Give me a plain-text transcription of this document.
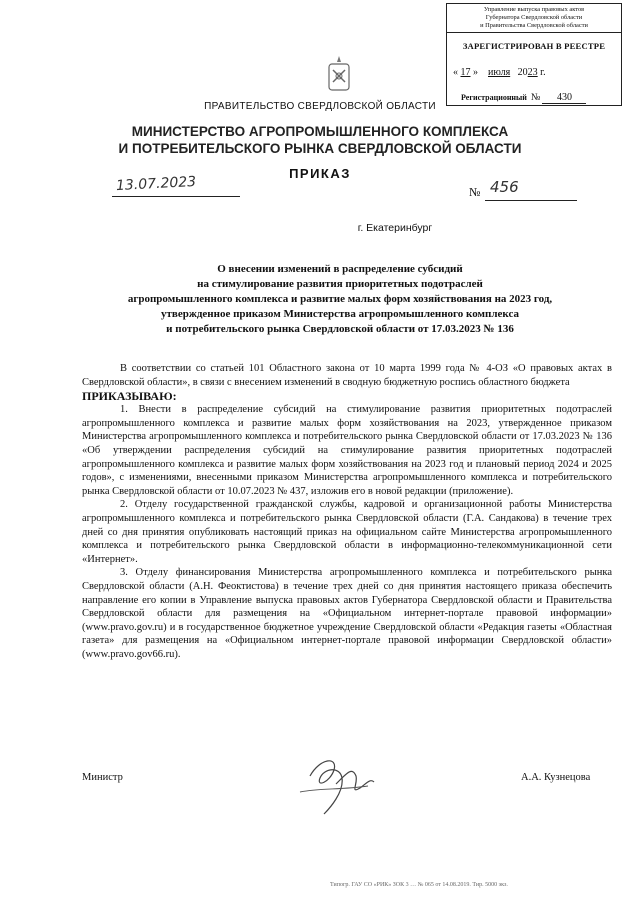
Управление выпуска правовых актов
Губернатора Свердловской области
и Правительства Свердловской области
ЗАРЕГИСТРИРОВАН В РЕЕСТРЕ
« 17 »    июля 2023 г.
Регистрационный № 430
ПРАВИТЕЛЬСТВО СВЕРДЛОВСКОЙ ОБЛАСТИ
МИНИСТЕРСТВО АГРОПРОМЫШЛЕННОГО КОМПЛЕКСА
И ПОТРЕБИТЕЛЬСКОГО РЫНКА СВЕРДЛОВСКОЙ ОБЛАСТИ
ПРИКАЗ
13.07.2023	№ 456
г. Екатеринбург
О внесении изменений в распределение субсидий
на стимулирование развития приоритетных подотраслей
агропромышленного комплекса и развитие малых форм хозяйствования на 2023 год,
утвержденное приказом Министерства агропромышленного комплекса
и потребительского рынка Свердловской области от 17.03.2023 № 136

В соответствии со статьей 101 Областного закона от 10 марта 1999 года № 4-ОЗ «О правовых актах в Свердловской области», в связи с внесением изменений в сводную бюджетную роспись областного бюджета

ПРИКАЗЫВАЮ:

1. Внести в распределение субсидий на стимулирование развития приоритетных подотраслей агропромышленного комплекса и развитие малых форм хозяйствования на 2023, утвержденное приказом Министерства агропромышленного комплекса и потребительского рынка Свердловской области от 17.03.2023 № 136 «Об утверждении распределения субсидий на стимулирование развития приоритетных подотраслей агропромышленного комплекса и развитие малых форм хозяйствования на 2023 год и плановый период 2024 и 2025 годов», с изменениями, внесенными приказом Министерства агропромышленного комплекса и потребительского рынка Свердловской области от 10.07.2023 № 437, изложив его в новой редакции (приложение).

2. Отделу государственной гражданской службы, кадровой и организационной работы Министерства агропромышленного комплекса и потребительского рынка Свердловской области (Г.А. Сандакова) в течение трех дней со дня принятия опубликовать настоящий приказ на официальном сайте Министерства агропромышленного комплекса и потребительского рынка Свердловской области в информационно-телекоммуникационной сети «Интернет».

3. Отделу финансирования Министерства агропромышленного комплекса и потребительского рынка Свердловской области (А.Н. Феоктистова) в течение трех дней со дня принятия настоящего приказа обеспечить направление его копии в Управление выпуска правовых актов Губернатора Свердловской области и Правительства Свердловской области для размещения на «Официальном интернет-портале правовой информации» (www.pravo.gov.ru) и в государственное бюджетное учреждение Свердловской области «Редакция газеты «Областная газета» для размещения на «Официальном интернет-портале правовой информации Свердловской области» (www.pravo.gov66.ru).

Министр	А.А. Кузнецова
Типогр. ГАУ СО «РИК» ЗОК 3 … № 065 от 14.08.2019. Тир. 5000 экз.
